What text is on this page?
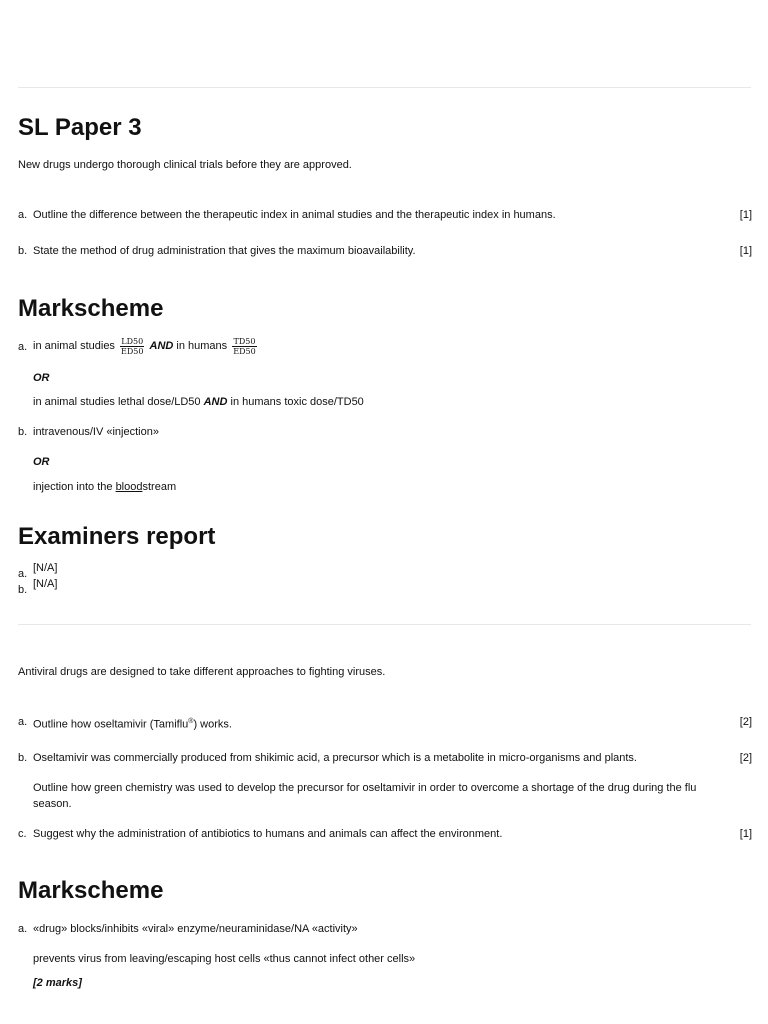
SL Paper 3
New drugs undergo thorough clinical trials before they are approved.
a. Outline the difference between the therapeutic index in animal studies and the therapeutic index in humans.	[1]
b. State the method of drug administration that gives the maximum bioavailability.	[1]
Markscheme
a. in animal studies $\frac{LD50}{ED50}$ AND in humans $\frac{TD50}{ED50}$
OR
in animal studies lethal dose/LD50 AND in humans toxic dose/TD50
b. intravenous/IV «injection»
OR
injection into the bloodstream
Examiners report
a. [N/A]
b. [N/A]
Antiviral drugs are designed to take different approaches to fighting viruses.
a. Outline how oseltamivir (Tamiflu®) works.	[2]
b. Oseltamivir was commercially produced from shikimic acid, a precursor which is a metabolite in micro-organisms and plants.	[2]
Outline how green chemistry was used to develop the precursor for oseltamivir in order to overcome a shortage of the drug during the flu season.
c. Suggest why the administration of antibiotics to humans and animals can affect the environment.	[1]
Markscheme
a. «drug» blocks/inhibits «viral» enzyme/neuraminidase/NA «activity»
prevents virus from leaving/escaping host cells «thus cannot infect other cells»
[2 marks]
